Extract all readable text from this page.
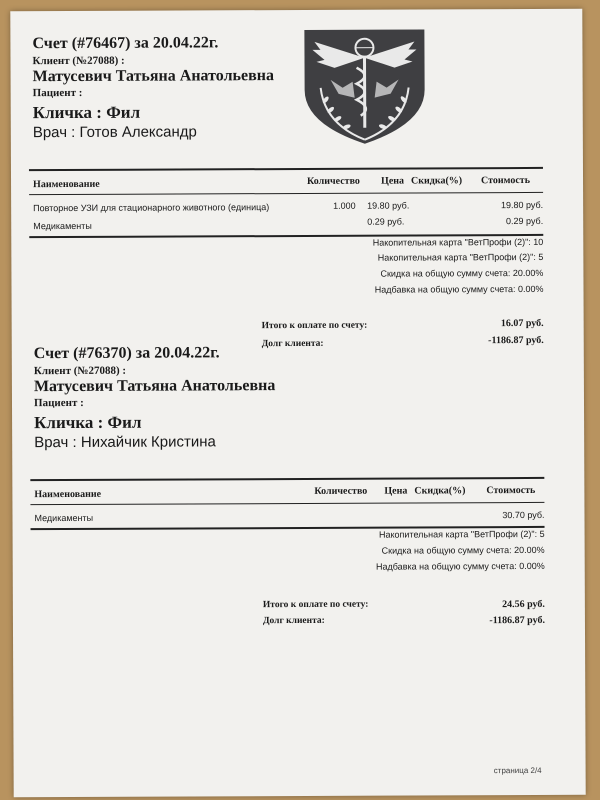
Счет (#76467) за 20.04.22г.
Клиент (№27088) :
Матусевич Татьяна Анатольевна
Пациент :
Кличка : Фил
Врач : Готов Александр
Наименование	Количество Цена Скидка(%) Стоимость
Повторное УЗИ для стационарного животного (единица)	1.000 19.80 руб.	19.80 руб.
Медикаменты	0.29 руб.	0.29 руб.
Накопительная карта "ВетПрофи (2)": 10
Накопительная карта "ВетПрофи (2)": 5
Скидка на общую сумму счета: 20.00%
Надбавка на общую сумму счета: 0.00%
Итого к оплате по счету:	16.07 руб.
Долг клиента:	-1186.87 руб.
Счет (#76370) за 20.04.22г.
Клиент (№27088) :
Матусевич Татьяна Анатольевна
Пациент :
Кличка : Фил
Врач : Нихайчик Кристина
Наименование	Количество Цена Скидка(%) Стоимость
Медикаменты	30.70 руб.
Накопительная карта "ВетПрофи (2)": 5
Скидка на общую сумму счета: 20.00%
Надбавка на общую сумму счета: 0.00%
Итого к оплате по счету:	24.56 руб.
Долг клиента:	-1186.87 руб.
страница 2/4
